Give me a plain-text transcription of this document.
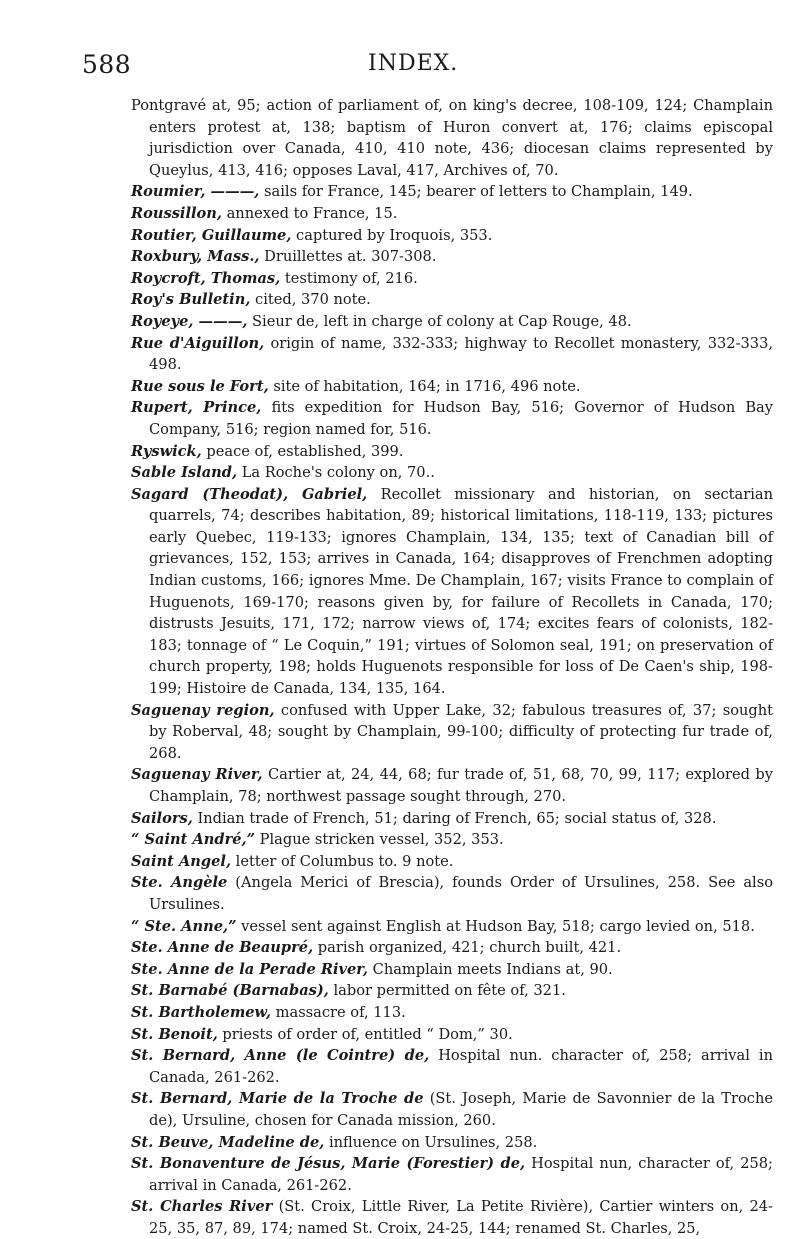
588	INDEX.

Pontgravé at, 95; action of parliament of, on king's decree, 108-109, 124; Champlain enters protest at, 138; baptism of Huron convert at, 176; claims episcopal jurisdiction over Canada, 410, 410 note, 436; diocesan claims represented by Queylus, 413, 416; opposes Laval, 417, Archives of, 70.

Roumier, ———, sails for France, 145; bearer of letters to Champlain, 149.

Roussillon, annexed to France, 15.

Routier, Guillaume, captured by Iroquois, 353.

Roxbury, Mass., Druillettes at. 307-308.

Roycroft, Thomas, testimony of, 216.

Roy's Bulletin, cited, 370 note.

Royeye, ———, Sieur de, left in charge of colony at Cap Rouge, 48.

Rue d'Aiguillon, origin of name, 332-333; highway to Recollet monastery, 332-333, 498.

Rue sous le Fort, site of habitation, 164; in 1716, 496 note.

Rupert, Prince, fits expedition for Hudson Bay, 516; Governor of Hudson Bay Company, 516; region named for, 516.

Ryswick, peace of, established, 399.

Sable Island, La Roche's colony on, 70..

Sagard (Theodat), Gabriel, Recollet missionary and historian, on sectarian quarrels, 74; describes habitation, 89; historical limitations, 118-119, 133; pictures early Quebec, 119-133; ignores Champlain, 134, 135; text of Canadian bill of grievances, 152, 153; arrives in Canada, 164; disapproves of Frenchmen adopting Indian customs, 166; ignores Mme. De Champlain, 167; visits France to complain of Huguenots, 169-170; reasons given by, for failure of Recollets in Canada, 170; distrusts Jesuits, 171, 172; narrow views of, 174; excites fears of colonists, 182-183; tonnage of “ Le Coquin,” 191; virtues of Solomon seal, 191; on preservation of church property, 198; holds Huguenots responsible for loss of De Caen's ship, 198-199; Histoire de Canada, 134, 135, 164.

Saguenay region, confused with Upper Lake, 32; fabulous treasures of, 37; sought by Roberval, 48; sought by Champlain, 99-100; difficulty of protecting fur trade of, 268.

Saguenay River, Cartier at, 24, 44, 68; fur trade of, 51, 68, 70, 99, 117; explored by Champlain, 78; northwest passage sought through, 270.

Sailors, Indian trade of French, 51; daring of French, 65; social status of, 328.

“ Saint André,” Plague stricken vessel, 352, 353.

Saint Angel, letter of Columbus to. 9 note.

Ste. Angèle (Angela Merici of Brescia), founds Order of Ursulines, 258. See also Ursulines.

“ Ste. Anne,” vessel sent against English at Hudson Bay, 518; cargo levied on, 518.

Ste. Anne de Beaupré, parish organized, 421; church built, 421.

Ste. Anne de la Perade River, Champlain meets Indians at, 90.

St. Barnabé (Barnabas), labor permitted on fête of, 321.

St. Bartholemew, massacre of, 113.

St. Benoit, priests of order of, entitled “ Dom,” 30.

St. Bernard, Anne (le Cointre) de, Hospital nun. character of, 258; arrival in Canada, 261-262.

St. Bernard, Marie de la Troche de (St. Joseph, Marie de Savonnier de la Troche de), Ursuline, chosen for Canada mission, 260.

St. Beuve, Madeline de, influence on Ursulines, 258.

St. Bonaventure de Jésus, Marie (Forestier) de, Hospital nun, character of, 258; arrival in Canada, 261-262.

St. Charles River (St. Croix, Little River, La Petite Rivière), Cartier winters on, 24-25, 35, 87, 89, 174; named St. Croix, 24-25, 144; renamed St. Charles, 25,
